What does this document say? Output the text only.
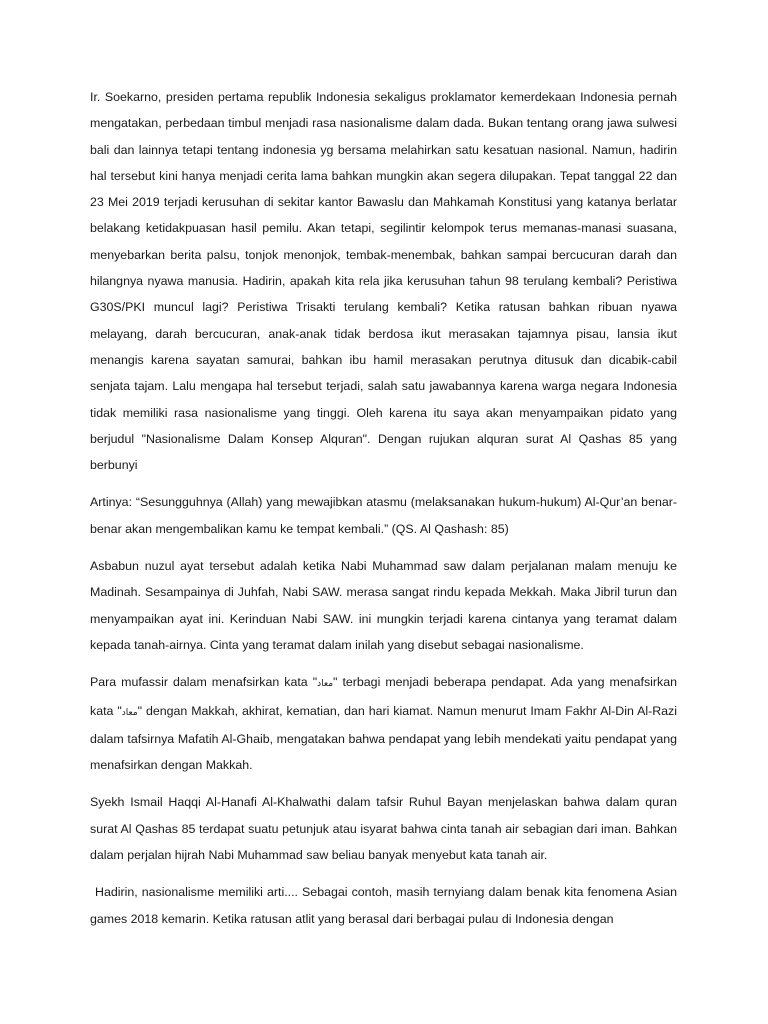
Ir. Soekarno, presiden pertama republik Indonesia sekaligus proklamator kemerdekaan Indonesia pernah mengatakan, perbedaan timbul menjadi rasa nasionalisme dalam dada. Bukan tentang orang jawa sulwesi bali dan lainnya tetapi tentang indonesia yg bersama melahirkan satu kesatuan nasional. Namun, hadirin hal tersebut kini hanya menjadi cerita lama bahkan mungkin akan segera dilupakan. Tepat tanggal 22 dan 23 Mei 2019 terjadi kerusuhan di sekitar kantor Bawaslu dan Mahkamah Konstitusi yang katanya berlatar belakang ketidakpuasan hasil pemilu. Akan tetapi, segilintir kelompok terus memanas-manasi suasana, menyebarkan berita palsu, tonjok menonjok, tembak-menembak, bahkan sampai bercucuran darah dan hilangnya nyawa manusia. Hadirin, apakah kita rela jika kerusuhan tahun 98 terulang kembali? Peristiwa G30S/PKI muncul lagi? Peristiwa Trisakti terulang kembali? Ketika ratusan bahkan ribuan nyawa melayang, darah bercucuran, anak-anak tidak berdosa ikut merasakan tajamnya pisau, lansia ikut menangis karena sayatan samurai, bahkan ibu hamil merasakan perutnya ditusuk dan dicabik-cabil senjata tajam. Lalu mengapa hal tersebut terjadi, salah satu jawabannya karena warga negara Indonesia tidak memiliki rasa nasionalisme yang tinggi. Oleh karena itu saya akan menyampaikan pidato yang berjudul "Nasionalisme Dalam Konsep Alquran". Dengan rujukan alquran surat Al Qashas 85 yang berbunyi

Artinya: “Sesungguhnya (Allah) yang mewajibkan atasmu (melaksanakan hukum-hukum) Al-Qur’an benar-benar akan mengembalikan kamu ke tempat kembali.” (QS. Al Qashash: 85)

Asbabun nuzul ayat tersebut adalah ketika Nabi Muhammad saw dalam perjalanan malam menuju ke Madinah. Sesampainya di Juhfah, Nabi SAW. merasa sangat rindu kepada Mekkah. Maka Jibril turun dan menyampaikan ayat ini. Kerinduan Nabi SAW. ini mungkin terjadi karena cintanya yang teramat dalam kepada tanah-airnya. Cinta yang teramat dalam inilah yang disebut sebagai nasionalisme.

Para mufassir dalam menafsirkan kata "معاد" terbagi menjadi beberapa pendapat. Ada yang menafsirkan kata "معاد" dengan Makkah, akhirat, kematian, dan hari kiamat. Namun menurut Imam Fakhr Al-Din Al-Razi dalam tafsirnya Mafatih Al-Ghaib, mengatakan bahwa pendapat yang lebih mendekati yaitu pendapat yang menafsirkan dengan Makkah.

Syekh Ismail Haqqi Al-Hanafi Al-Khalwathi dalam tafsir Ruhul Bayan menjelaskan bahwa dalam quran surat Al Qashas 85 terdapat suatu petunjuk atau isyarat bahwa cinta tanah air sebagian dari iman. Bahkan dalam perjalan hijrah Nabi Muhammad saw beliau banyak menyebut kata tanah air.

Hadirin, nasionalisme memiliki arti.... Sebagai contoh, masih ternyiang dalam benak kita fenomena Asian games 2018 kemarin. Ketika ratusan atlit yang berasal dari berbagai pulau di Indonesia dengan
